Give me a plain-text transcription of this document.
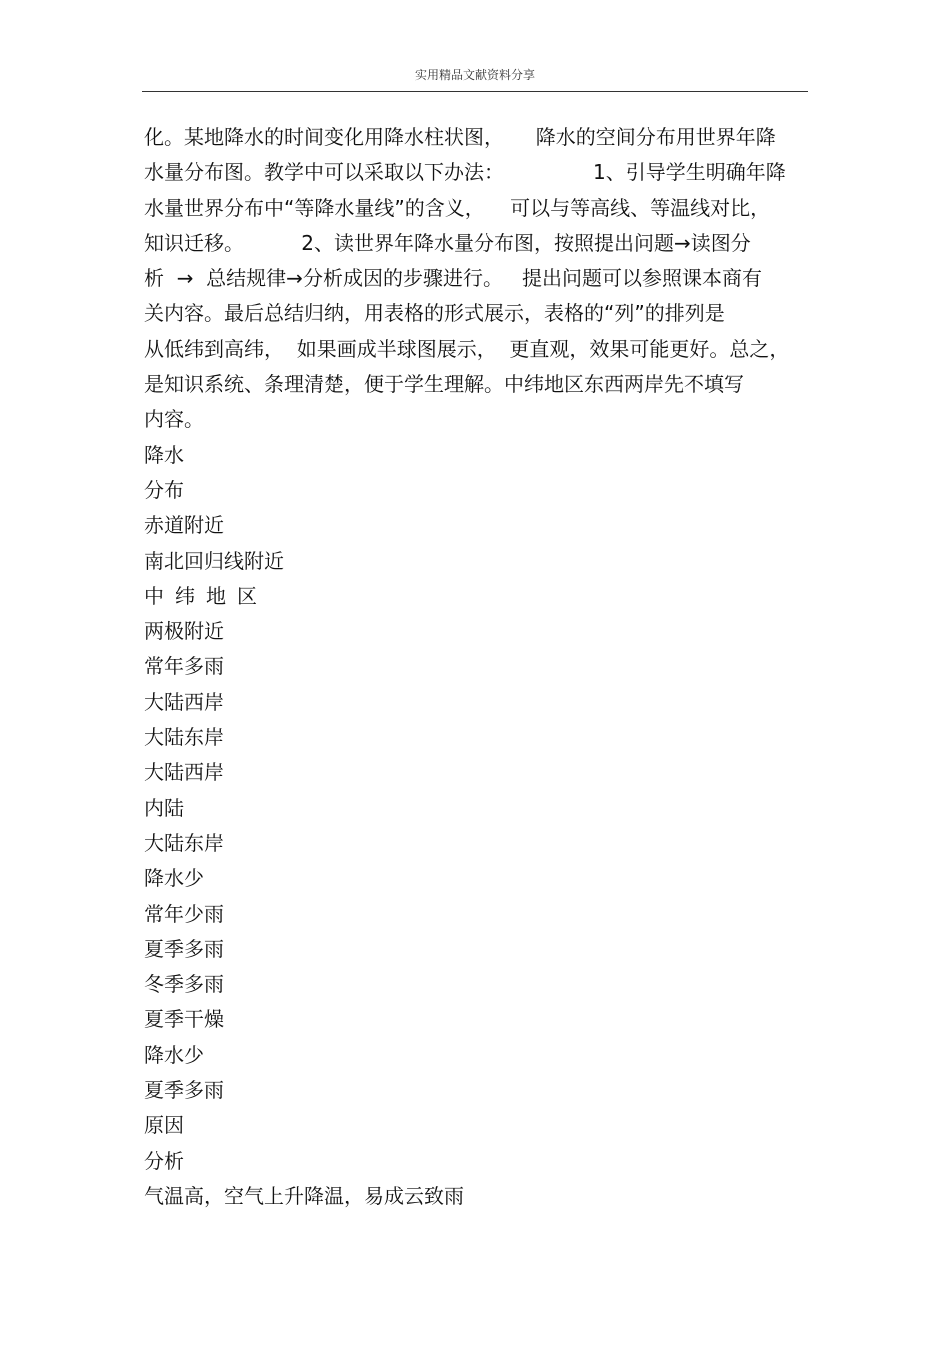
实用精品文献资料分享
化。某地降水的时间变化用降水柱状图，     降水的空间分布用世界年降
水量分布图。教学中可以采取以下办法：              1、引导学生明确年降
水量世界分布中“等降水量线”的含义，    可以与等高线、等温线对比，
知识迁移。         2、读世界年降水量分布图，按照提出问题→读图分
析  →  总结规律→分析成因的步骤进行。   提出问题可以参照课本商有
关内容。最后总结归纳，用表格的形式展示，表格的“列”的排列是
从低纬到高纬，  如果画成半球图展示，  更直观，效果可能更好。总之，
是知识系统、条理清楚，便于学生理解。中纬地区东西两岸先不填写
内容。
降水
分布
赤道附近
南北回归线附近
中纬地区
两极附近
常年多雨
大陆西岸
大陆东岸
大陆西岸
内陆
大陆东岸
降水少
常年少雨
夏季多雨
冬季多雨
夏季干燥
降水少
夏季多雨
原因
分析
气温高，空气上升降温，易成云致雨
